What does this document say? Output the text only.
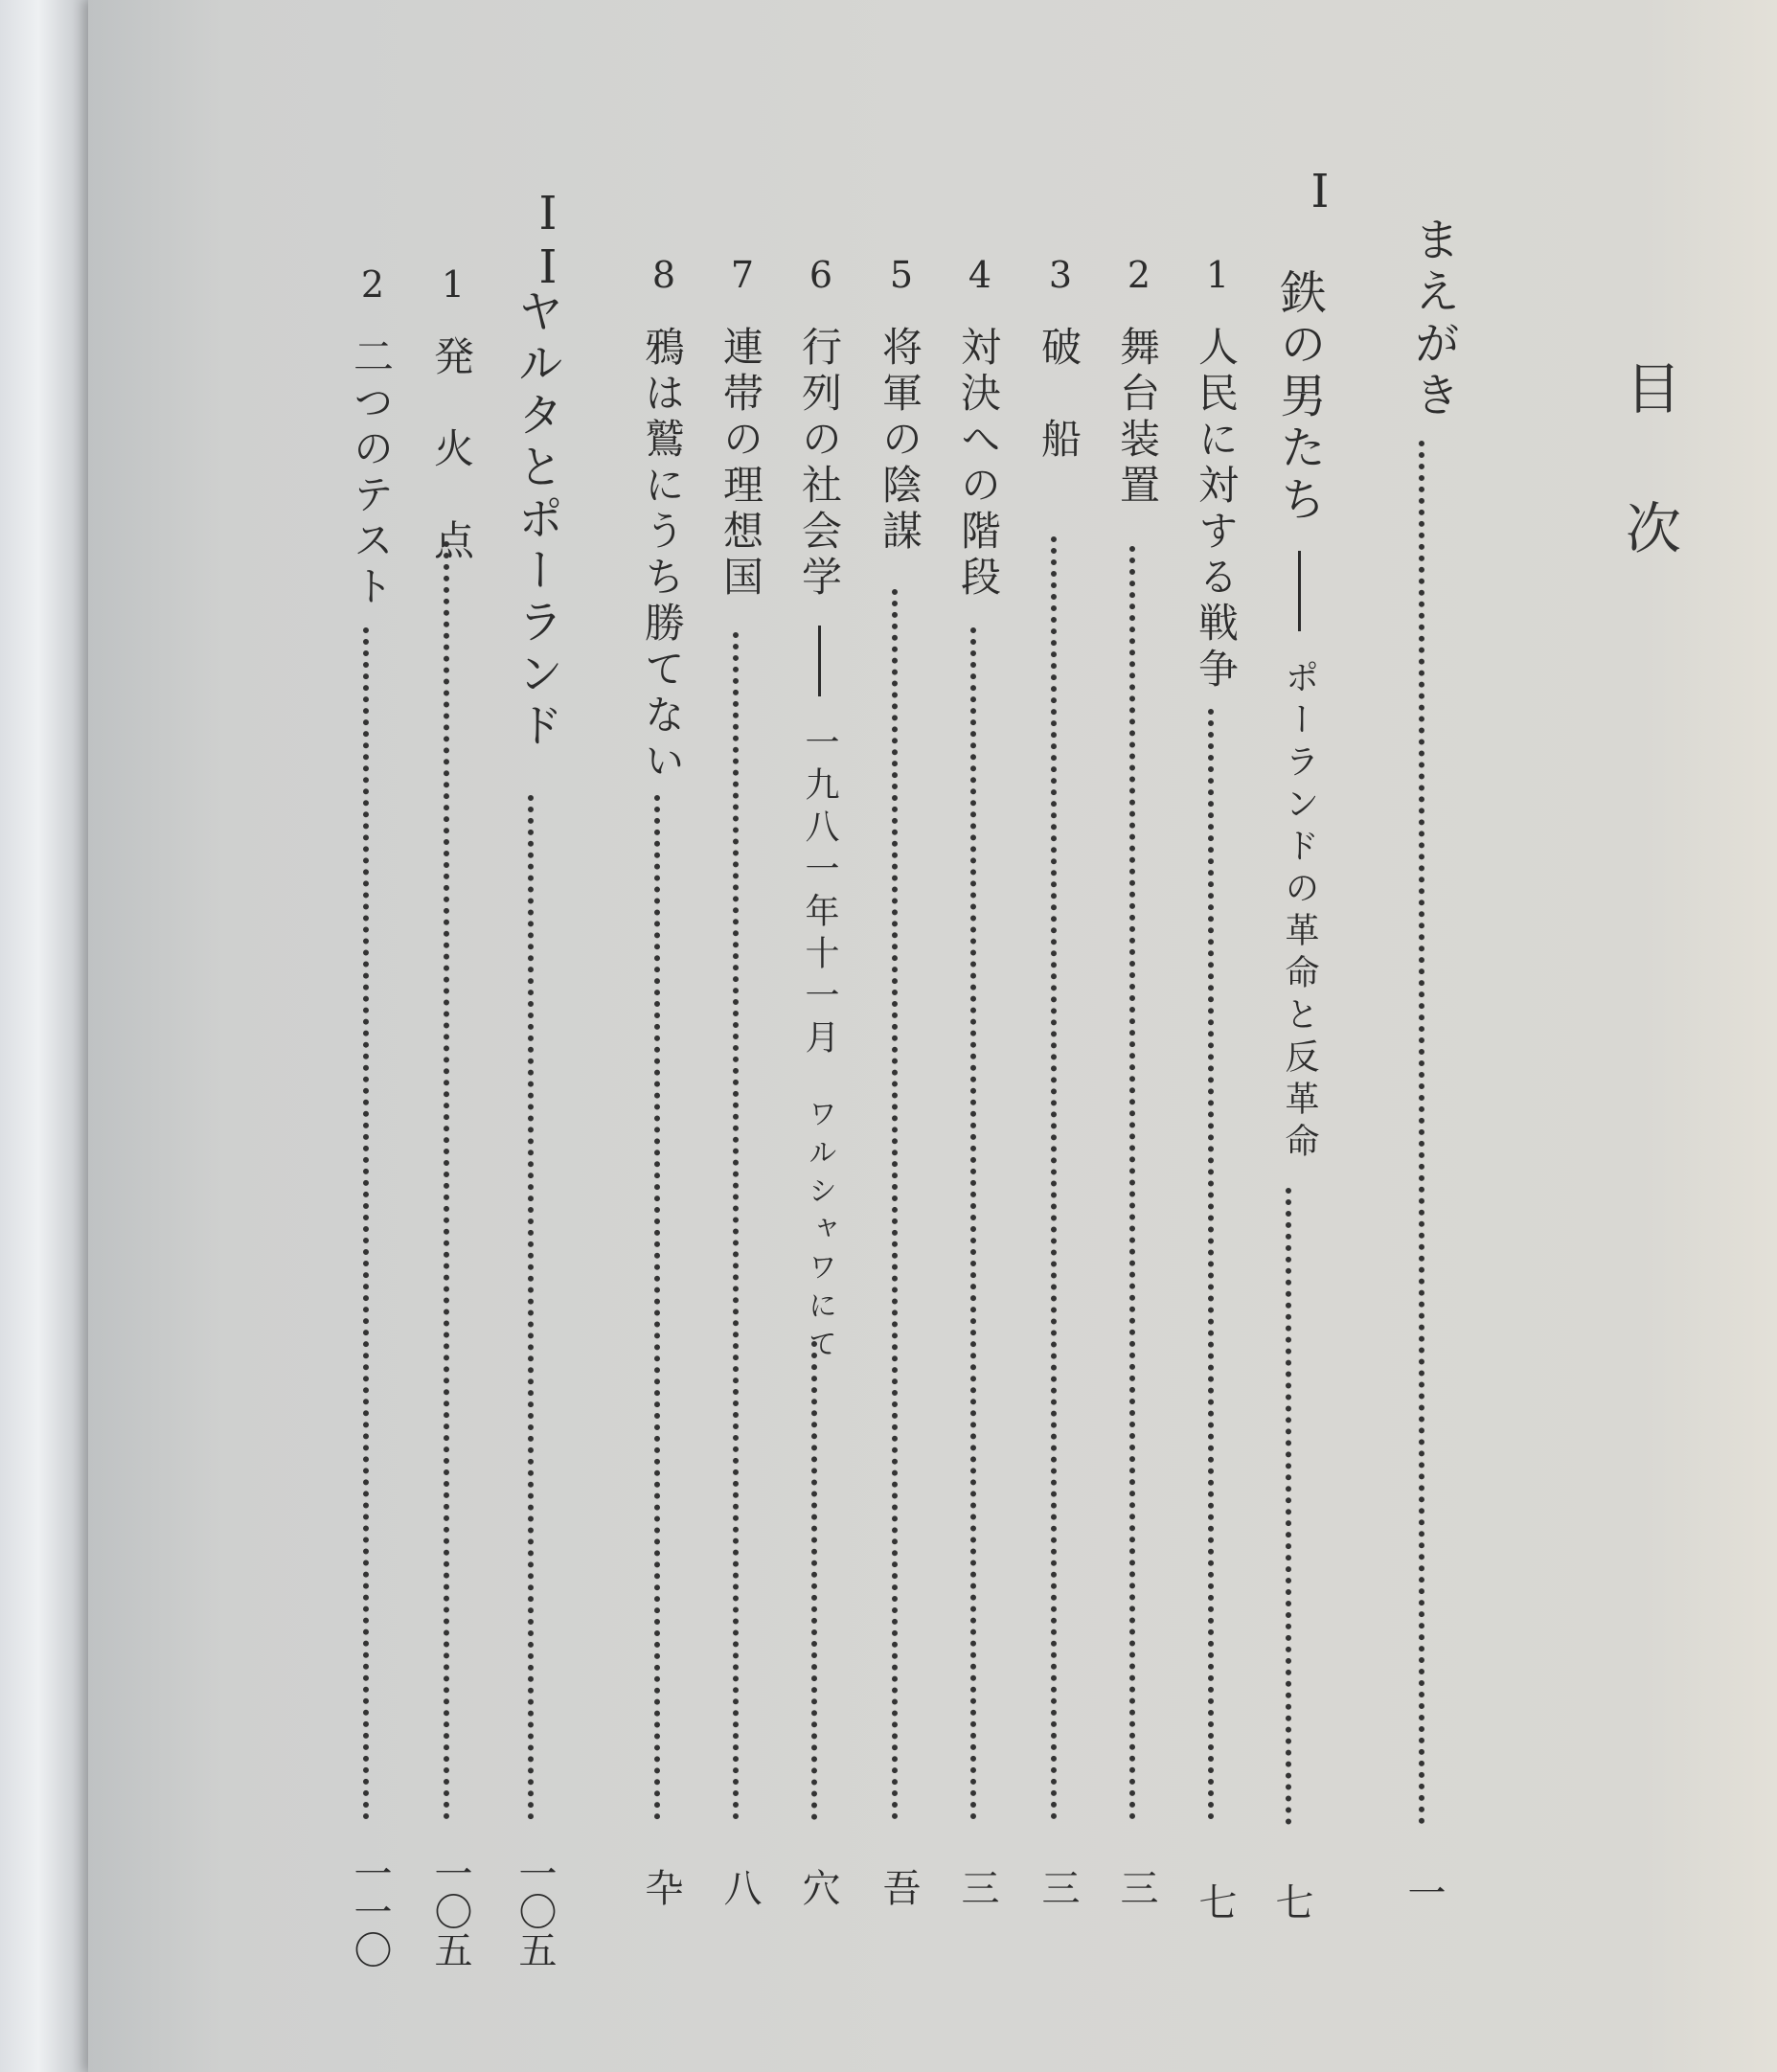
目次
まえがき
一
I
鉄の男たち  ポーランドの革命と反革命
七
1
人民に対する戦争
七
2
舞台装置
三
3
破　船
三
4
対決への階段
三
5
将軍の陰謀
吾
6
行列の社会学  一九八一年十一月 ワルシャワにて
穴
7
連帯の理想国
八
8
鴉は鷲にうち勝てない
卆
II
ヤルタとポーランド
一〇五
1
発　火　点
一〇五
2
二つのテスト
一一〇
